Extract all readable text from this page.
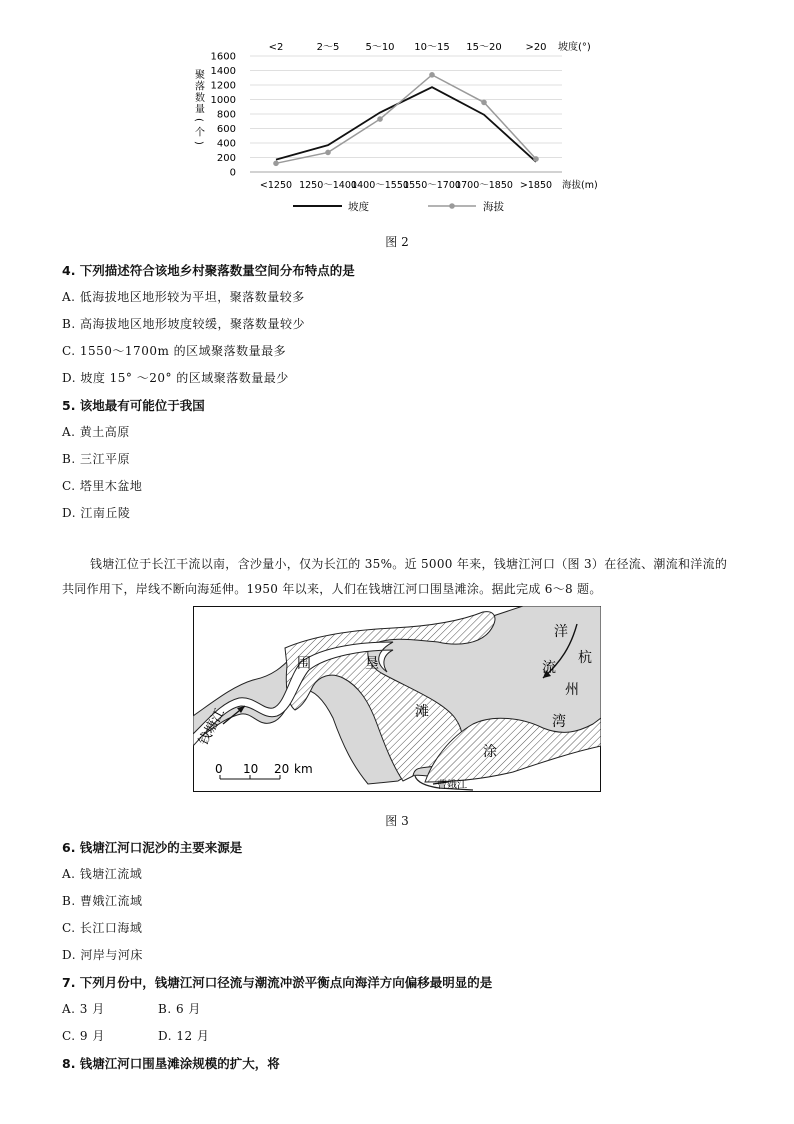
坡度(°)
聚
落
数
量
(
个
)
0
200
400
600
800
1000
1200
1400
1600
<2	2～5	5～10 10～15 15～20 >20
<1250 1250～1400
1400～1550
1550～1700
1700～1850 >1850 海拔(m)
坡度	海拔
图 2
4. 下列描述符合该地乡村聚落数量空间分布特点的是
A. 低海拔地区地形较为平坦，聚落数量较多
B. 高海拔地区地形坡度较缓，聚落数量较少
C. 1550～1700m 的区域聚落数量最多
D. 坡度 15° ～20° 的区域聚落数量最少
5. 该地最有可能位于我国
A. 黄土高原
B. 三江平原
C. 塔里木盆地
D. 江南丘陵
钱塘江位于长江干流以南，含沙量小，仅为长江的 35%。近 5000 年来，钱塘江河口（图 3）在径流、潮流和洋流的共同作用下，岸线不断向海延伸。1950 年以来，人们在钱塘江河口围垦滩涂。据此完成 6～8 题。
围	垦
滩
涂
洋
流
杭
州
湾
钱塘江
曹娥江
0 10 20 km
图 3
6. 钱塘江河口泥沙的主要来源是
A. 钱塘江流域
B. 曹娥江流域
C. 长江口海域
D. 河岸与河床
7. 下列月份中，钱塘江河口径流与潮流冲淤平衡点向海洋方向偏移最明显的是
A. 3 月	B. 6 月
C. 9 月	D. 12 月
8. 钱塘江河口围垦滩涂规模的扩大，将
